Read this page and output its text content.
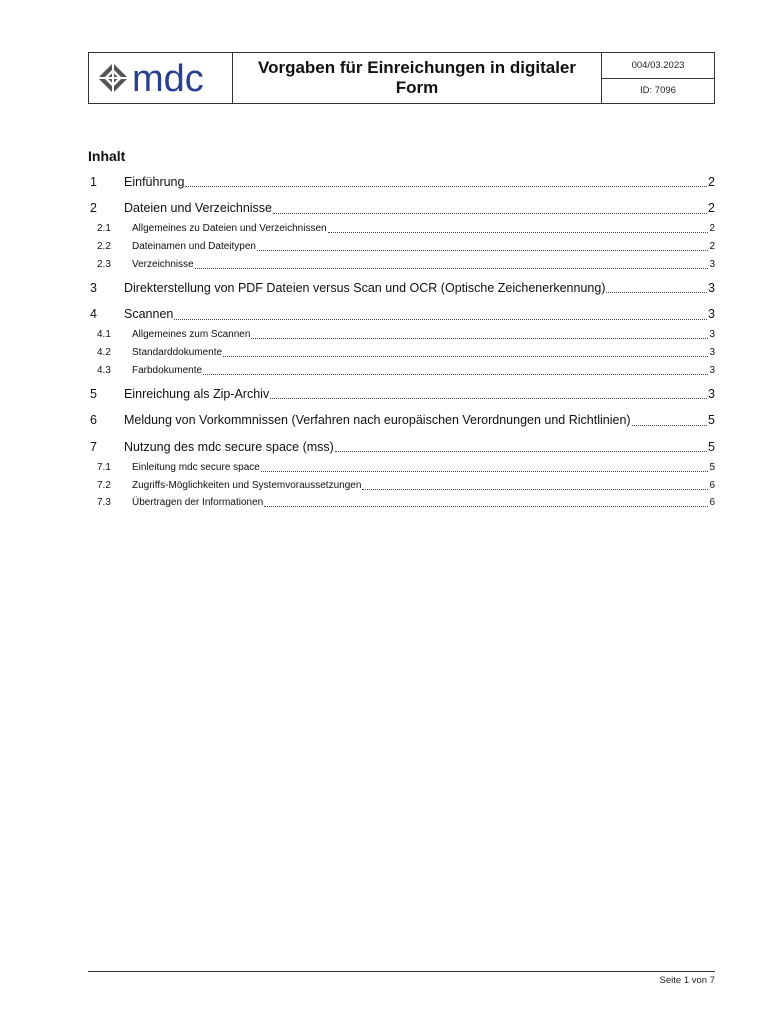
mdc	Vorgaben für Einreichungen in digitaler Form
004/03.2023
ID: 7096
Inhalt
1	Einführung	2
2	Dateien und Verzeichnisse	2
2.1	Allgemeines zu Dateien und Verzeichnissen	2
2.2	Dateinamen und Dateitypen	2
2.3	Verzeichnisse	3
3	Direkterstellung von PDF Dateien versus Scan und OCR (Optische Zeichenerkennung)	3
4	Scannen	3
4.1	Allgemeines zum Scannen	3
4.2	Standarddokumente	3
4.3	Farbdokumente	3
5	Einreichung als Zip-Archiv	3
6	Meldung von Vorkommnissen (Verfahren nach europäischen Verordnungen und Richtlinien)	5
7	Nutzung des mdc secure space (mss)	5
7.1	Einleitung mdc secure space	5
7.2	Zugriffs-Möglichkeiten und Systemvoraussetzungen	6
7.3	Übertragen der Informationen	6
Seite 1 von 7
